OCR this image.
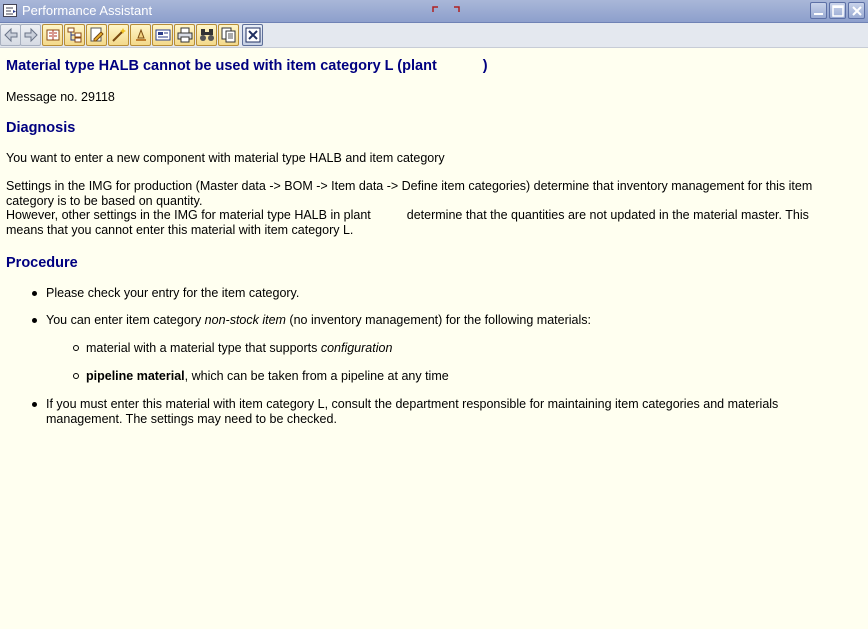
Performance Assistant
Material type HALB cannot be used with item category L (plant	)
Message no. 29118
Diagnosis
You want to enter a new component with material type HALB and item category
Settings in the IMG for production (Master data -> BOM -> Item data -> Define item categories) determine that inventory management for this item
category is to be based on quantity.
However, other settings in the IMG for material type HALB in plant	determine that the quantities are not updated in the material master. This
means that you cannot enter this material with item category L.
Procedure
Please check your entry for the item category.
You can enter item category non-stock item (no inventory management) for the following materials:
material with a material type that supports configuration
pipeline material, which can be taken from a pipeline at any time
If you must enter this material with item category L, consult the department responsible for maintaining item categories and materials
management. The settings may need to be checked.
